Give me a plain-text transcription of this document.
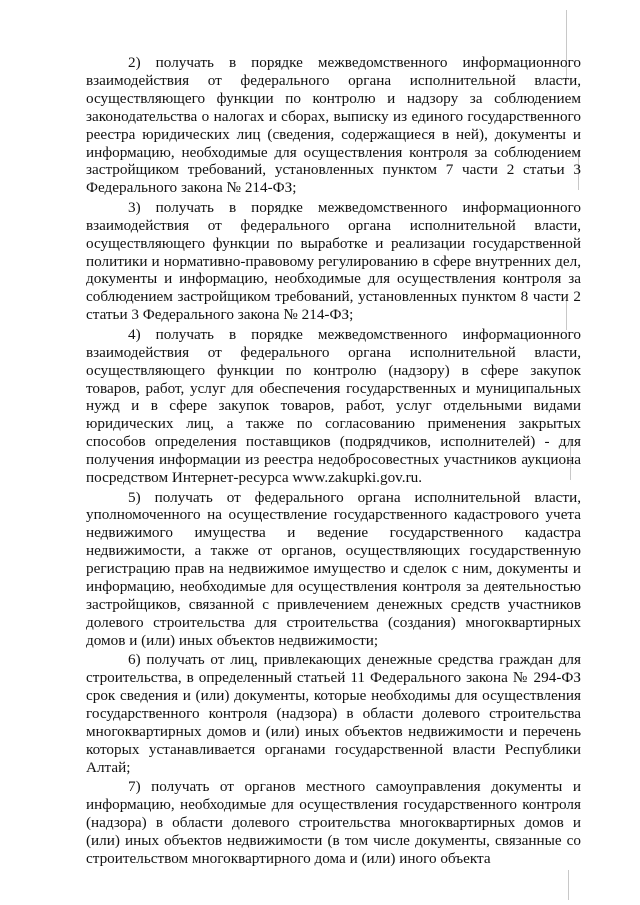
2) получать в порядке межведомственного информационного взаимодействия от федерального органа исполнительной власти, осуществляющего функции по контролю и надзору за соблюдением законодательства о налогах и сборах, выписку из единого государственного реестра юридических лиц (сведения, содержащиеся в ней), документы и информацию, необходимые для осуществления контроля за соблюдением застройщиком требований, установленных пунктом 7 части 2 статьи 3 Федерального закона № 214-ФЗ;

3) получать в порядке межведомственного информационного взаимодействия от федерального органа исполнительной власти, осуществляющего функции по выработке и реализации государственной политики и нормативно-правовому регулированию в сфере внутренних дел, документы и информацию, необходимые для осуществления контроля за соблюдением застройщиком требований, установленных пунктом 8 части 2 статьи 3 Федерального закона № 214-ФЗ;

4) получать в порядке межведомственного информационного взаимодействия от федерального органа исполнительной власти, осуществляющего функции по контролю (надзору) в сфере закупок товаров, работ, услуг для обеспечения государственных и муниципальных нужд и в сфере закупок товаров, работ, услуг отдельными видами юридических лиц, а также по согласованию применения закрытых способов определения поставщиков (подрядчиков, исполнителей) - для получения информации из реестра недобросовестных участников аукциона посредством Интернет-ресурса www.zakupki.gov.ru.

5) получать от федерального органа исполнительной власти, уполномоченного на осуществление государственного кадастрового учета недвижимого имущества и ведение государственного кадастра недвижимости, а также от органов, осуществляющих государственную регистрацию прав на недвижимое имущество и сделок с ним, документы и информацию, необходимые для осуществления контроля за деятельностью застройщиков, связанной с привлечением денежных средств участников долевого строительства для строительства (создания) многоквартирных домов и (или) иных объектов недвижимости;

6) получать от лиц, привлекающих денежные средства граждан для строительства, в определенный статьей 11 Федерального закона № 294-ФЗ срок сведения и (или) документы, которые необходимы для осуществления государственного контроля (надзора) в области долевого строительства многоквартирных домов и (или) иных объектов недвижимости и перечень которых устанавливается органами государственной власти Республики Алтай;

7) получать от органов местного самоуправления документы и информацию, необходимые для осуществления государственного контроля (надзора) в области долевого строительства многоквартирных домов и (или) иных объектов недвижимости (в том числе документы, связанные со строительством многоквартирного дома и (или) иного объекта
